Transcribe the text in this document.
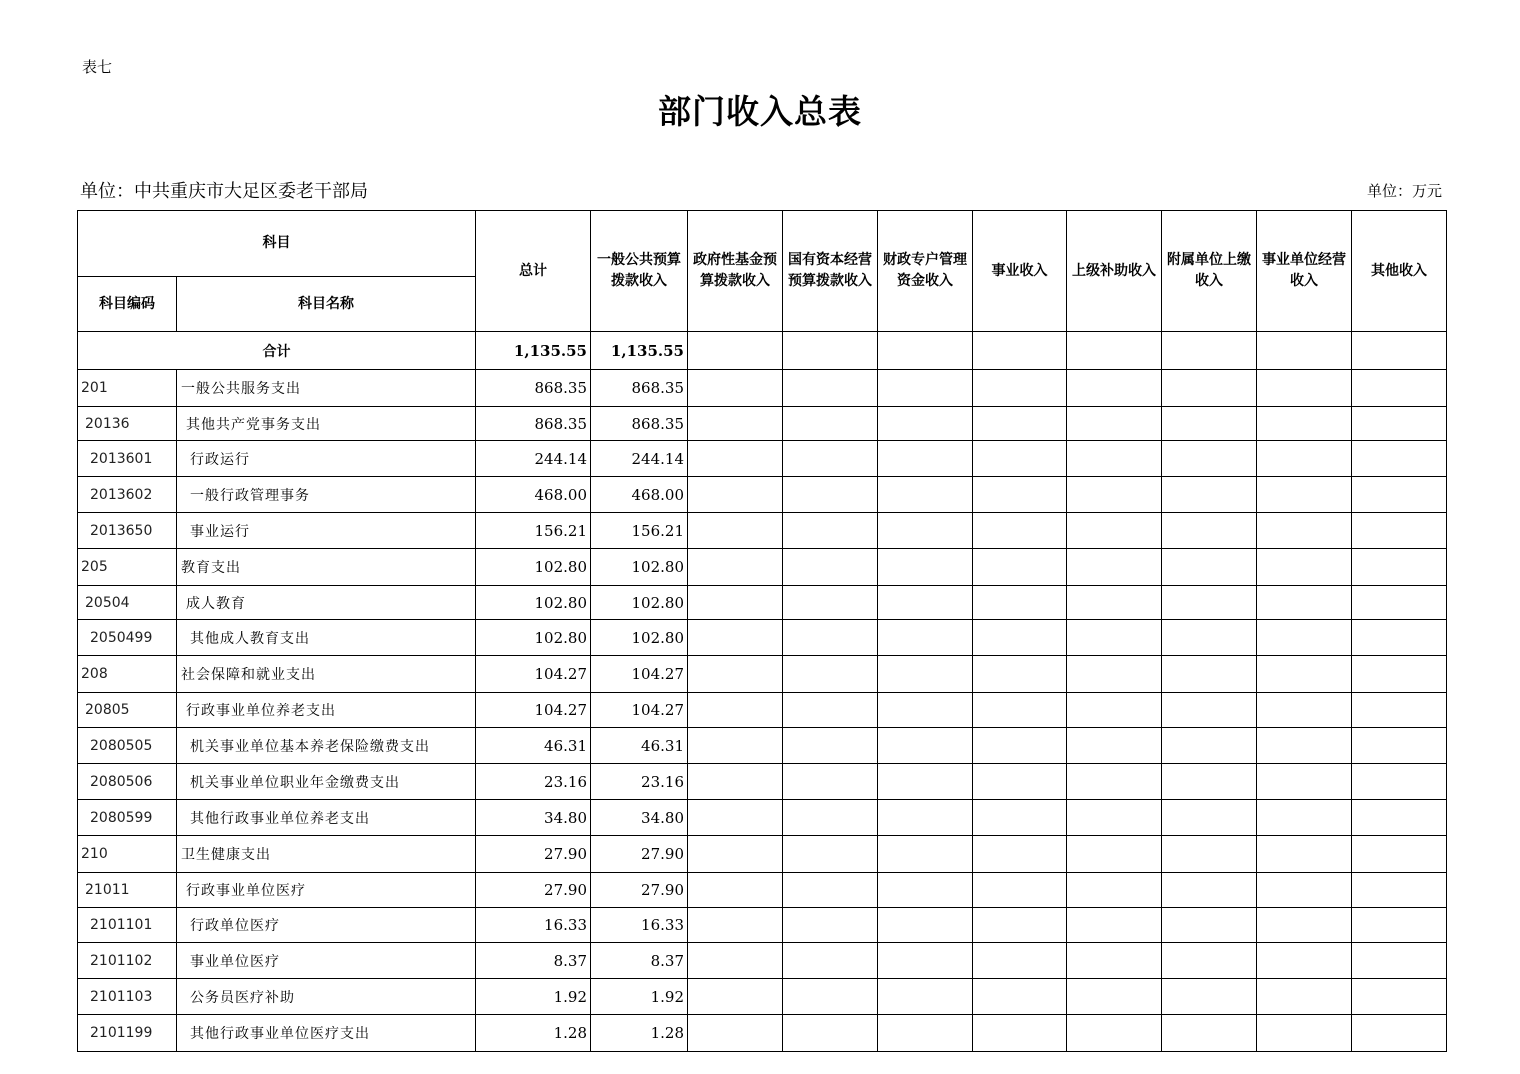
表七
部门收入总表
单位：中共重庆市大足区委老干部局	单位：万元
科目		总计	一般公共预算拨款收入	政府性基金预算拨款收入	国有资本经营预算拨款收入	财政专户管理资金收入	事业收入	上级补助收入	附属单位上缴收入	事业单位经营收入	其他收入
科目编码	科目名称										
合计		1,135.55	1,135.55								
201	一般公共服务支出	868.35	868.35								
20136	其他共产党事务支出	868.35	868.35								
2013601	行政运行	244.14	244.14								
2013602	一般行政管理事务	468.00	468.00								
2013650	事业运行	156.21	156.21								
205	教育支出	102.80	102.80								
20504	成人教育	102.80	102.80								
2050499	其他成人教育支出	102.80	102.80								
208	社会保障和就业支出	104.27	104.27								
20805	行政事业单位养老支出	104.27	104.27								
2080505	机关事业单位基本养老保险缴费支出	46.31	46.31								
2080506	机关事业单位职业年金缴费支出	23.16	23.16								
2080599	其他行政事业单位养老支出	34.80	34.80								
210	卫生健康支出	27.90	27.90								
21011	行政事业单位医疗	27.90	27.90								
2101101	行政单位医疗	16.33	16.33								
2101102	事业单位医疗	8.37	8.37								
2101103	公务员医疗补助	1.92	1.92								
2101199	其他行政事业单位医疗支出	1.28	1.28								
